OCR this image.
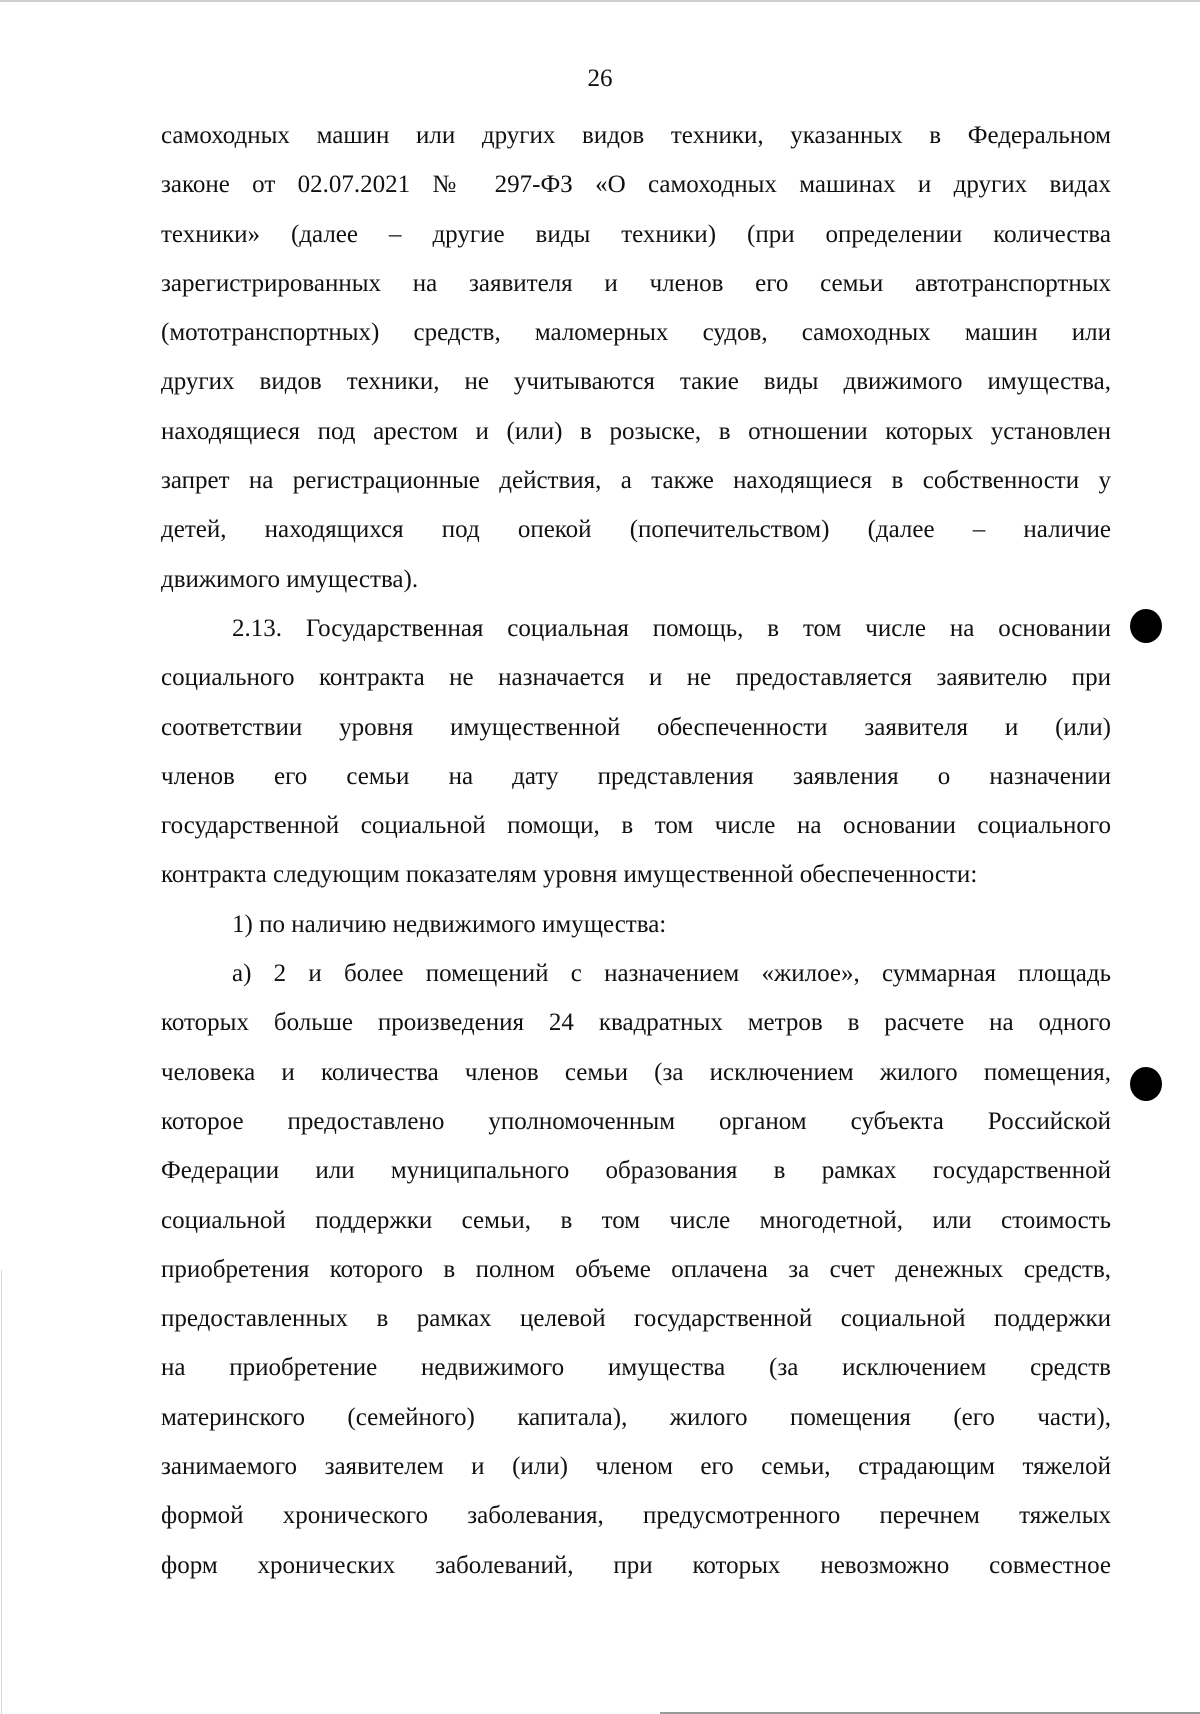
26

самоходных машин или других видов техники, указанных в Федеральном
законе от 02.07.2021 № 297-ФЗ «О самоходных машинах и других видах
техники» (далее – другие виды техники) (при определении количества
зарегистрированных на заявителя и членов его семьи автотранспортных
(мототранспортных) средств, маломерных судов, самоходных машин или
других видов техники, не учитываются такие виды движимого имущества,
находящиеся под арестом и (или) в розыске, в отношении которых установлен
запрет на регистрационные действия, а также находящиеся в собственности у
детей, находящихся под опекой (попечительством) (далее – наличие
движимого имущества).

2.13. Государственная социальная помощь, в том числе на основании
социального контракта не назначается и не предоставляется заявителю при
соответствии уровня имущественной обеспеченности заявителя и (или)
членов его семьи на дату представления заявления о назначении
государственной социальной помощи, в том числе на основании социального
контракта следующим показателям уровня имущественной обеспеченности:

1) по наличию недвижимого имущества:

а) 2 и более помещений с назначением «жилое», суммарная площадь
которых больше произведения 24 квадратных метров в расчете на одного
человека и количества членов семьи (за исключением жилого помещения,
которое предоставлено уполномоченным органом субъекта Российской
Федерации или муниципального образования в рамках государственной
социальной поддержки семьи, в том числе многодетной, или стоимость
приобретения которого в полном объеме оплачена за счет денежных средств,
предоставленных в рамках целевой государственной социальной поддержки
на приобретение недвижимого имущества (за исключением средств
материнского (семейного) капитала), жилого помещения (его части),
занимаемого заявителем и (или) членом его семьи, страдающим тяжелой
формой хронического заболевания, предусмотренного перечнем тяжелых
форм хронических заболеваний, при которых невозможно совместное
